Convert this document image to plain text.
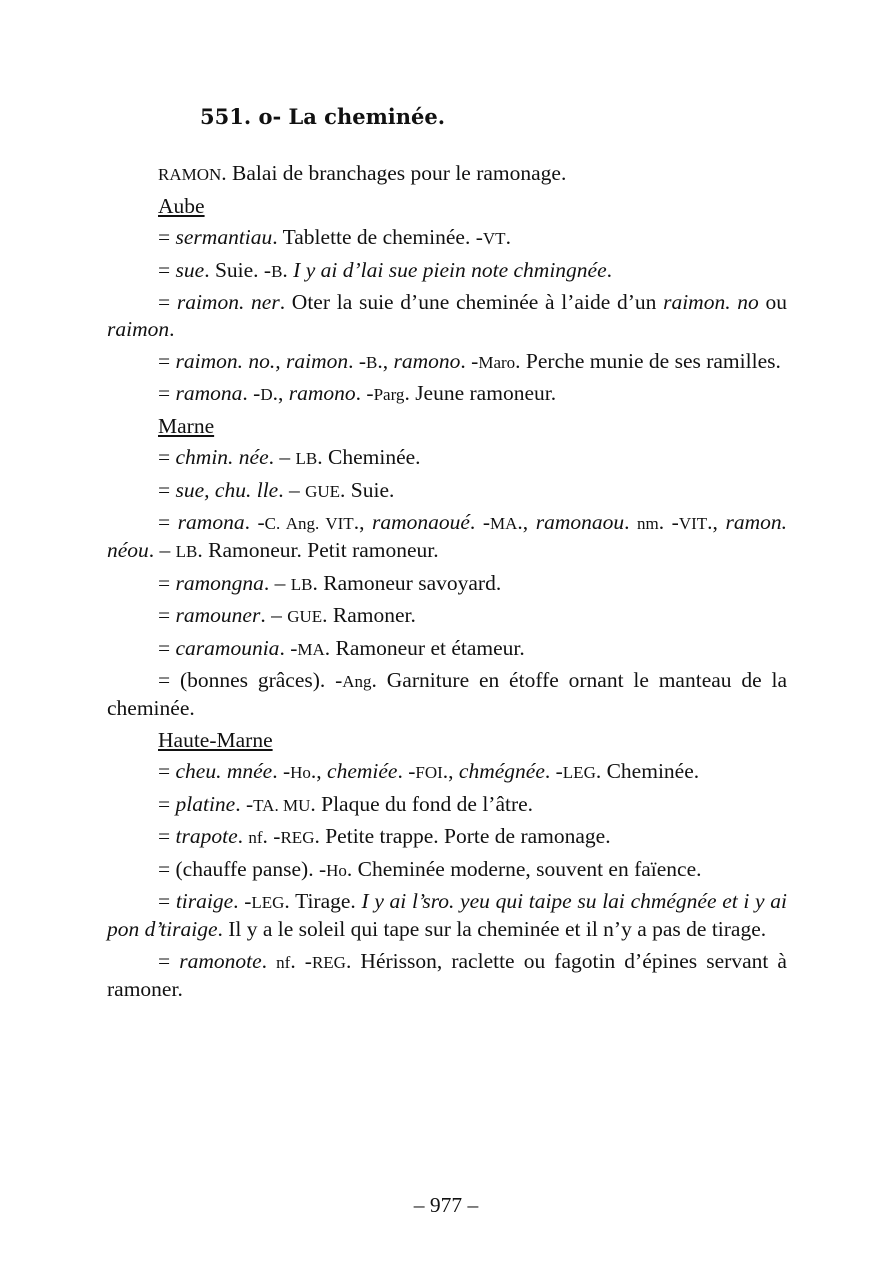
551. o- La cheminée.

RAMON. Balai de branchages pour le ramonage.

Aube

= sermantiau. Tablette de cheminée. -VT.

= sue. Suie. -B. I y ai d’lai sue piein note chmingnée.

= raimon. ner. Oter la suie d’une cheminée à l’aide d’un raimon. no ou raimon.

= raimon. no., raimon. -B., ramono. -Maro. Perche munie de ses ramilles.

= ramona. -D., ramono. -Parg. Jeune ramoneur.

Marne

= chmin. née. – LB. Cheminée.

= sue, chu. lle. – GUE. Suie.

= ramona. -C. Ang. VIT., ramonaoué. -MA., ramonaou. nm. -VIT., ramon. néou. – LB. Ramoneur. Petit ramoneur.

= ramongna. – LB. Ramoneur savoyard.

= ramouner. – GUE. Ramoner.

= caramounia. -MA. Ramoneur et étameur.

= (bonnes grâces). -Ang. Garniture en étoffe ornant le manteau de la cheminée.

Haute-Marne

= cheu. mnée. -Ho., chemiée. -FOI., chmégnée. -LEG. Cheminée.

= platine. -TA. MU. Plaque du fond de l’âtre.

= trapote. nf. -REG. Petite trappe. Porte de ramonage.

= (chauffe panse). -Ho. Cheminée moderne, souvent en faïence.

= tiraige. -LEG. Tirage. I y ai l’sro. yeu qui taipe su lai chmégnée et i y ai pon d’tiraige. Il y a le soleil qui tape sur la cheminée et il n’y a pas de tirage.

= ramonote. nf. -REG. Hérisson, raclette ou fagotin d’épines servant à ramoner.

– 977 –
